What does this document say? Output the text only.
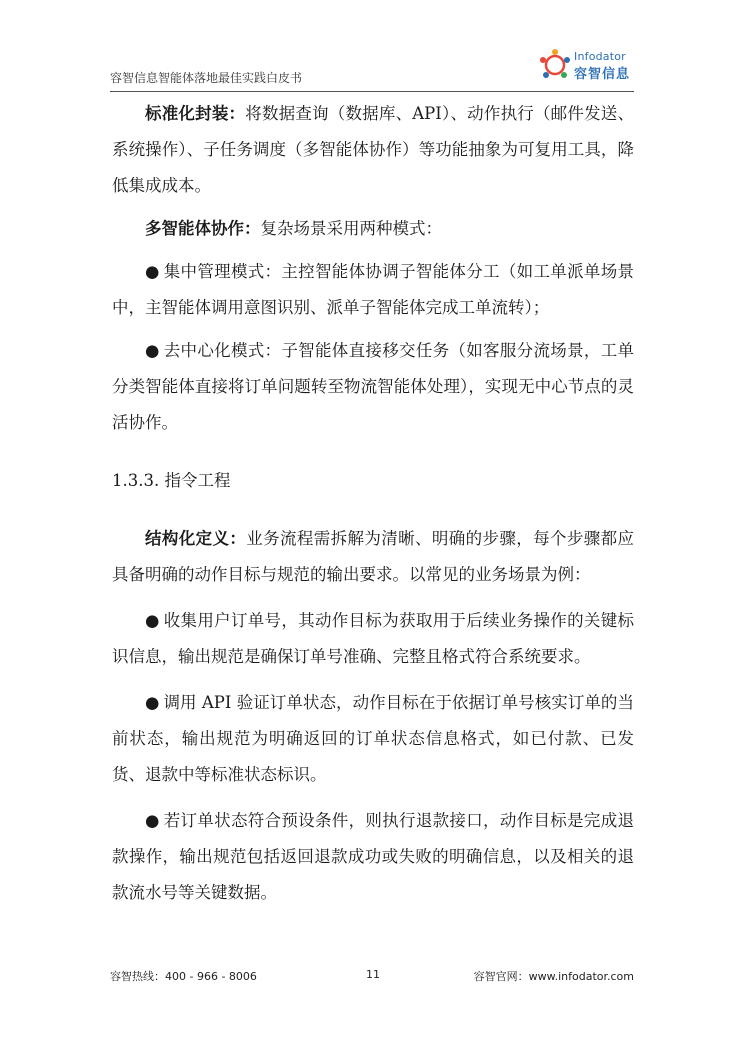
容智信息智能体落地最佳实践白皮书
Infodator
容智信息

标准化封装：将数据查询（数据库、API）、动作执行（邮件发送、系统操作）、子任务调度（多智能体协作）等功能抽象为可复用工具，降低集成成本。

多智能体协作：复杂场景采用两种模式：

● 集中管理模式：主控智能体协调子智能体分工（如工单派单场景中，主智能体调用意图识别、派单子智能体完成工单流转）；

● 去中心化模式：子智能体直接移交任务（如客服分流场景，工单分类智能体直接将订单问题转至物流智能体处理），实现无中心节点的灵活协作。

1.3.3. 指令工程

结构化定义：业务流程需拆解为清晰、明确的步骤，每个步骤都应具备明确的动作目标与规范的输出要求。以常见的业务场景为例：

● 收集用户订单号，其动作目标为获取用于后续业务操作的关键标识信息，输出规范是确保订单号准确、完整且格式符合系统要求。

● 调用 API 验证订单状态，动作目标在于依据订单号核实订单的当前状态，输出规范为明确返回的订单状态信息格式，如已付款、已发货、退款中等标准状态标识。

● 若订单状态符合预设条件，则执行退款接口，动作目标是完成退款操作，输出规范包括返回退款成功或失败的明确信息，以及相关的退款流水号等关键数据。

容智热线：400 - 966 - 8006	11	容智官网：www.infodator.com
